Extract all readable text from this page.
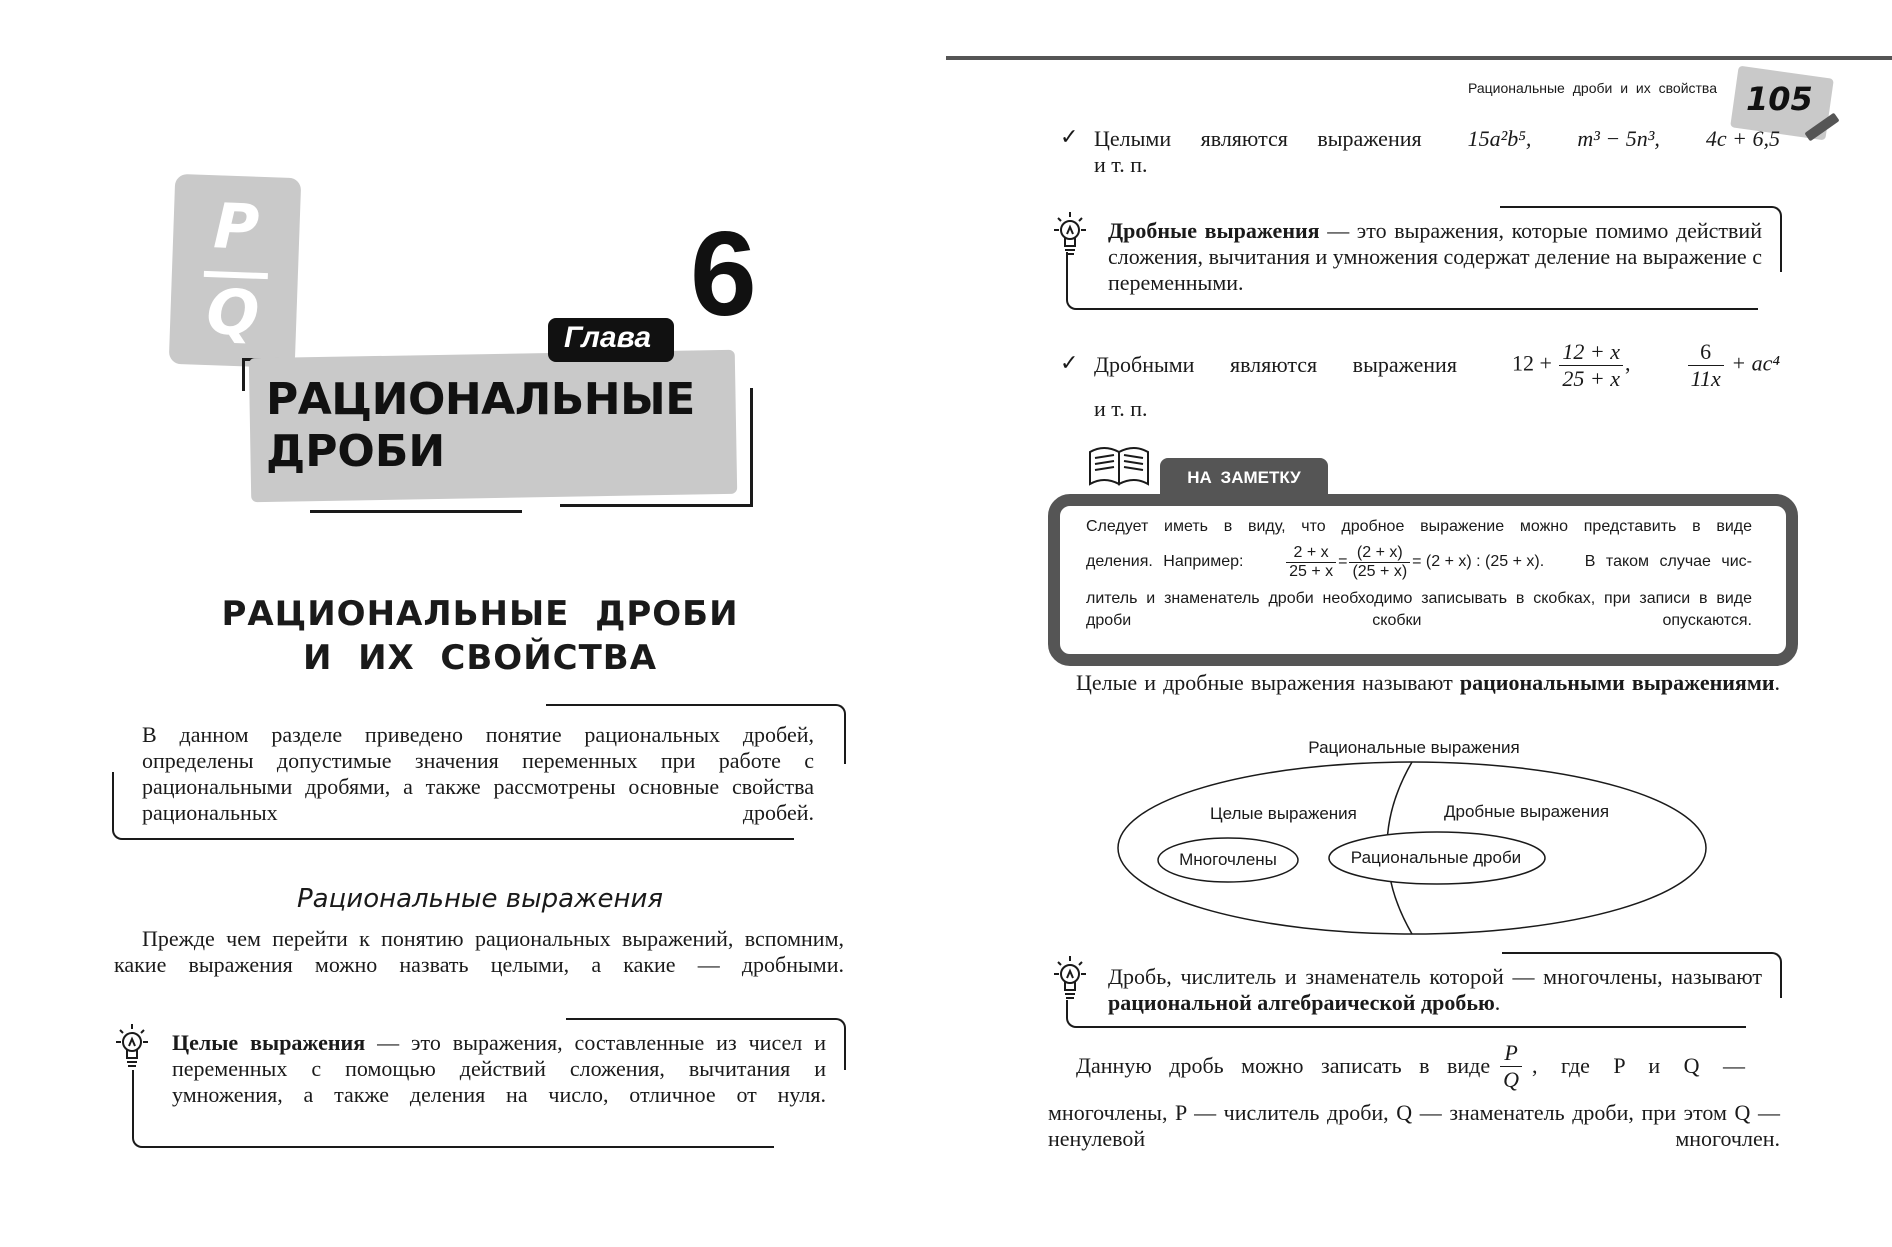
P
Q
РАЦИОНАЛЬНЫЕ
ДРОБИ
Глава 6
РАЦИОНАЛЬНЫЕ  ДРОБИ
И  ИХ  СВОЙСТВА
В данном разделе приведено понятие рациональных дробей, определены допустимые значения переменных при работе с рациональными дробями, а также рассмотрены основные свойства рациональных дробей.
Рациональные выражения
Прежде чем перейти к понятию рациональных выражений, вспомним, какие выражения можно назвать целыми, а какие — дробными.
Целые выражения — это выражения, составленные из чисел и переменных с помощью действий сложения, вычитания и умножения, а также деления на число, отличное от нуля.
Рациональные дроби и их свойства 105
✓ Целыми являются выражения 15a²b⁵, m³ − 5n³, 4c + 6,5
и т. п.
Дробные выражения — это выражения, которые помимо действий сложения, вычитания и умножения содержат деление на выражение с переменными.
✓ Дробными являются выражения	$12 + \frac{12 + x}{25 + x}$ ,	$\frac{6}{11x} + ac^4$
и т. п.
НА ЗАМЕТКУ
Следует иметь в виду, что дробное выражение можно представить в виде
деления. Например:	$\frac{2 + x}{25 + x} = \frac{(2 + x)}{(25 + x)} = (2 + x)$ : (25 + x).	В таком случае чис-
литель и знаменатель дроби необходимо записывать в скобках, при записи в виде дроби скобки опускаются.
Целые и дробные выражения называют рациональными выражениями.
Рациональные выражения
Целые выражения	Дробные выражения
Многочлены	Рациональные дроби
Дробь, числитель и знаменатель которой — многочлены, называют рациональной алгебраической дробью.
Данную дробь можно записать в виде $\frac{P}{Q}$ , где P и Q —
многочлены, P — числитель дроби, Q — знаменатель дроби, при этом Q — ненулевой многочлен.
